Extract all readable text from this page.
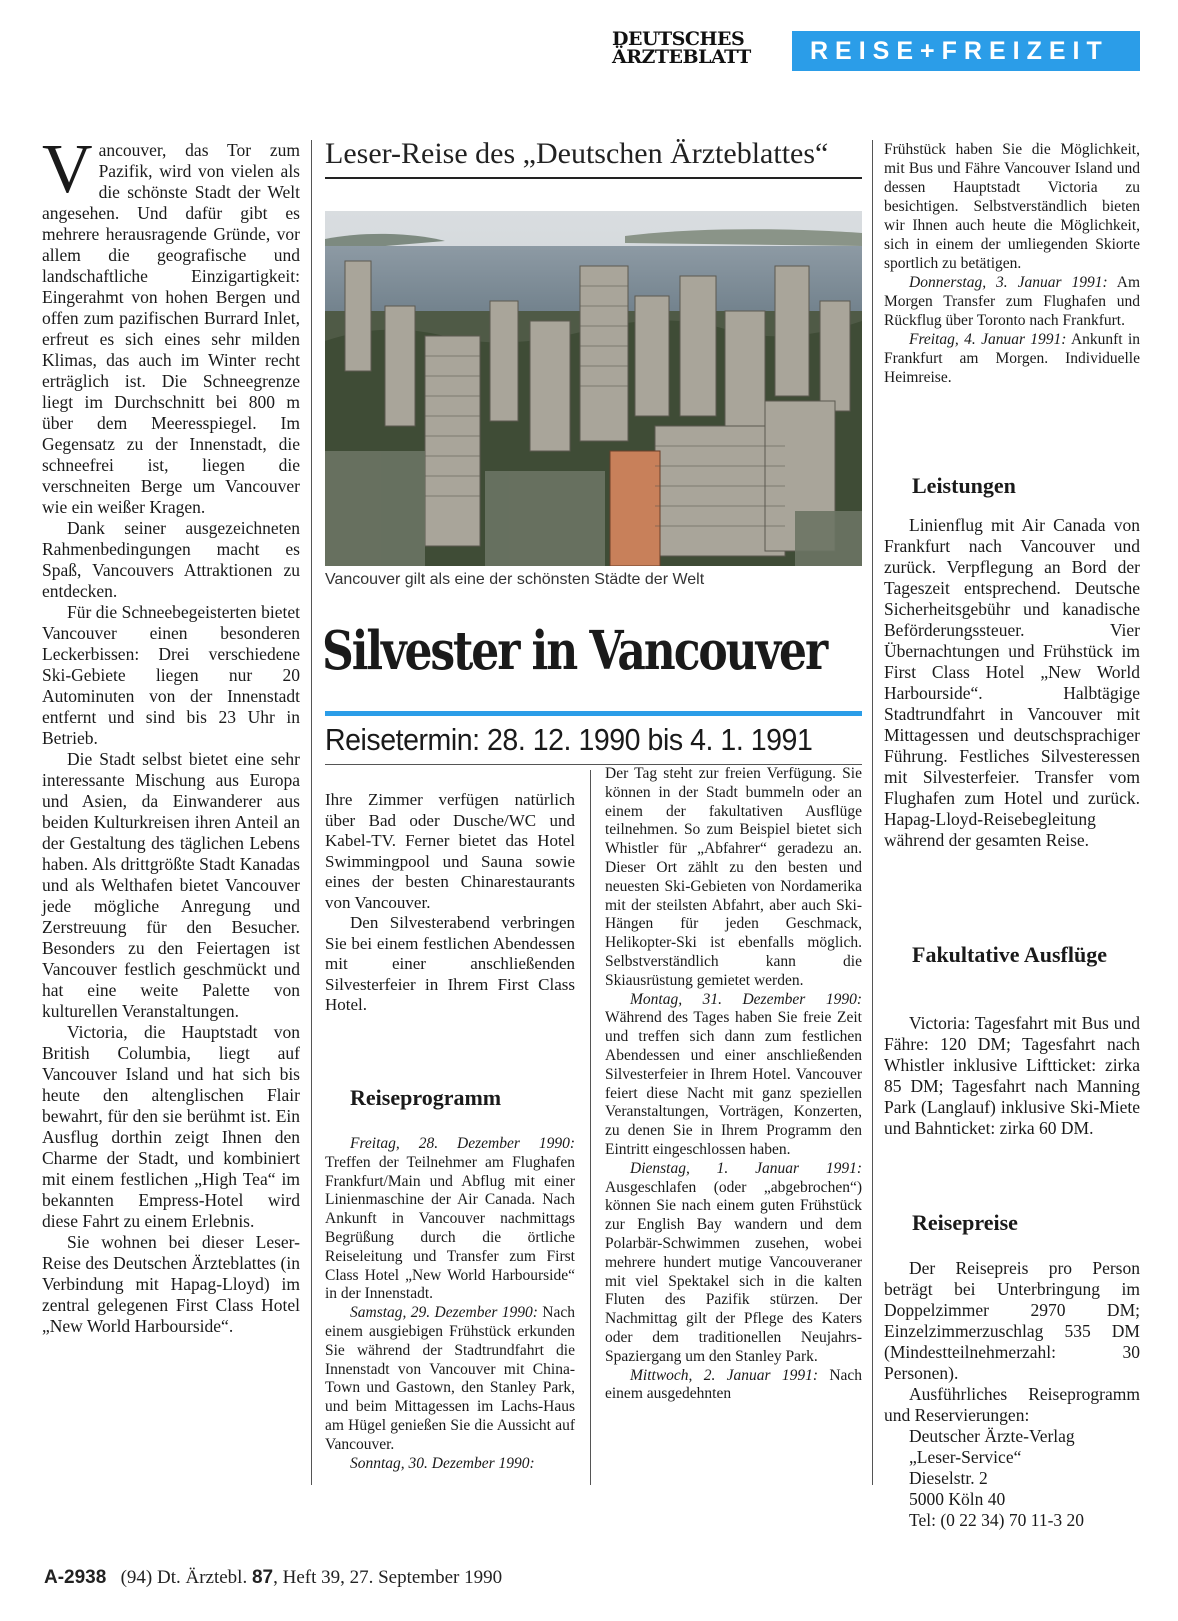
DEUTSCHES
ÄRZTEBLATT	REISE+FREIZEIT

Vancouver, das Tor zum Pazifik, wird von vielen als die schönste Stadt der Welt angesehen. Und dafür gibt es mehrere herausragende Gründe, vor allem die geografische und landschaftliche Einzigartigkeit: Eingerahmt von hohen Bergen und offen zum pazifischen Burrard Inlet, erfreut es sich eines sehr milden Klimas, das auch im Winter recht erträglich ist. Die Schneegrenze liegt im Durchschnitt bei 800 m über dem Meeresspiegel. Im Gegensatz zu der Innenstadt, die schneefrei ist, liegen die verschneiten Berge um Vancouver wie ein weißer Kragen.

Dank seiner ausgezeichneten Rahmenbedingungen macht es Spaß, Vancouvers Attraktionen zu entdecken.

Für die Schneebegeisterten bietet Vancouver einen besonderen Leckerbissen: Drei verschiedene Ski-Gebiete liegen nur 20 Autominuten von der Innenstadt entfernt und sind bis 23 Uhr in Betrieb.

Die Stadt selbst bietet eine sehr interessante Mischung aus Europa und Asien, da Einwanderer aus beiden Kulturkreisen ihren Anteil an der Gestaltung des täglichen Lebens haben. Als drittgrößte Stadt Kanadas und als Welthafen bietet Vancouver jede mögliche Anregung und Zerstreuung für den Besucher. Besonders zu den Feiertagen ist Vancouver festlich geschmückt und hat eine weite Palette von kulturellen Veranstaltungen.

Victoria, die Hauptstadt von British Columbia, liegt auf Vancouver Island und hat sich bis heute den altenglischen Flair bewahrt, für den sie berühmt ist. Ein Ausflug dorthin zeigt Ihnen den Charme der Stadt, und kombiniert mit einem festlichen „High Tea“ im bekannten Empress-Hotel wird diese Fahrt zu einem Erlebnis.

Sie wohnen bei dieser Leser-Reise des Deutschen Ärzteblattes (in Verbindung mit Hapag-Lloyd) im zentral gelegenen First Class Hotel „New World Harbourside“.

Leser-Reise des „Deutschen Ärzteblattes“
Vancouver gilt als eine der schönsten Städte der Welt
Silvester in Vancouver
Reisetermin: 28. 12. 1990 bis 4. 1. 1991

Ihre Zimmer verfügen natürlich über Bad oder Dusche/WC und Kabel-TV. Ferner bietet das Hotel Swimmingpool und Sauna sowie eines der besten Chinarestaurants von Vancouver.

Den Silvesterabend verbringen Sie bei einem festlichen Abendessen mit einer anschließenden Silvesterfeier in Ihrem First Class Hotel.

Reiseprogramm

Freitag, 28. Dezember 1990: Treffen der Teilnehmer am Flughafen Frankfurt/Main und Abflug mit einer Linienmaschine der Air Canada. Nach Ankunft in Vancouver nachmittags Begrüßung durch die örtliche Reiseleitung und Transfer zum First Class Hotel „New World Harbourside“ in der Innenstadt.

Samstag, 29. Dezember 1990: Nach einem ausgiebigen Frühstück erkunden Sie während der Stadtrundfahrt die Innenstadt von Vancouver mit China-Town und Gastown, den Stanley Park, und beim Mittagessen im Lachs-Haus am Hügel genießen Sie die Aussicht auf Vancouver.

Sonntag, 30. Dezember 1990:

Der Tag steht zur freien Verfügung. Sie können in der Stadt bummeln oder an einem der fakultativen Ausflüge teilnehmen. So zum Beispiel bietet sich Whistler für „Abfahrer“ geradezu an. Dieser Ort zählt zu den besten und neuesten Ski-Gebieten von Nordamerika mit der steilsten Abfahrt, aber auch Ski-Hängen für jeden Geschmack, Helikopter-Ski ist ebenfalls möglich. Selbstverständlich kann die Skiausrüstung gemietet werden.

Montag, 31. Dezember 1990: Während des Tages haben Sie freie Zeit und treffen sich dann zum festlichen Abendessen und einer anschließenden Silvesterfeier in Ihrem Hotel. Vancouver feiert diese Nacht mit ganz speziellen Veranstaltungen, Vorträgen, Konzerten, zu denen Sie in Ihrem Programm den Eintritt eingeschlossen haben.

Dienstag, 1. Januar 1991: Ausgeschlafen (oder „abgebrochen“) können Sie nach einem guten Frühstück zur English Bay wandern und dem Polarbär-Schwimmen zusehen, wobei mehrere hundert mutige Vancouveraner mit viel Spektakel sich in die kalten Fluten des Pazifik stürzen. Der Nachmittag gilt der Pflege des Katers oder dem traditionellen Neujahrs-Spaziergang um den Stanley Park.

Mittwoch, 2. Januar 1991: Nach einem ausgedehnten

Frühstück haben Sie die Möglichkeit, mit Bus und Fähre Vancouver Island und dessen Hauptstadt Victoria zu besichtigen. Selbstverständlich bieten wir Ihnen auch heute die Möglichkeit, sich in einem der umliegenden Skiorte sportlich zu betätigen.

Donnerstag, 3. Januar 1991: Am Morgen Transfer zum Flughafen und Rückflug über Toronto nach Frankfurt.

Freitag, 4. Januar 1991: Ankunft in Frankfurt am Morgen. Individuelle Heimreise.

Leistungen

Linienflug mit Air Canada von Frankfurt nach Vancouver und zurück. Verpflegung an Bord der Tageszeit entsprechend. Deutsche Sicherheitsgebühr und kanadische Beförderungssteuer. Vier Übernachtungen und Frühstück im First Class Hotel „New World Harbourside“. Halbtägige Stadtrundfahrt in Vancouver mit Mittagessen und deutschsprachiger Führung. Festliches Silvesteressen mit Silvesterfeier. Transfer vom Flughafen zum Hotel und zurück. Hapag-Lloyd-Reisebegleitung während der gesamten Reise.

Fakultative Ausflüge

Victoria: Tagesfahrt mit Bus und Fähre: 120 DM; Tagesfahrt nach Whistler inklusive Liftticket: zirka 85 DM; Tagesfahrt nach Manning Park (Langlauf) inklusive Ski-Miete und Bahnticket: zirka 60 DM.

Reisepreise

Der Reisepreis pro Person beträgt bei Unterbringung im Doppelzimmer 2970 DM; Einzelzimmerzuschlag 535 DM (Mindestteilnehmerzahl: 30 Personen).

Ausführliches Reiseprogramm und Reservierungen:

Deutscher Ärzte-Verlag
„Leser-Service“
Dieselstr. 2
5000 Köln 40
Tel: (0 22 34) 70 11-3 20
A-2938 (94) Dt. Ärztebl. 87, Heft 39, 27. September 1990
